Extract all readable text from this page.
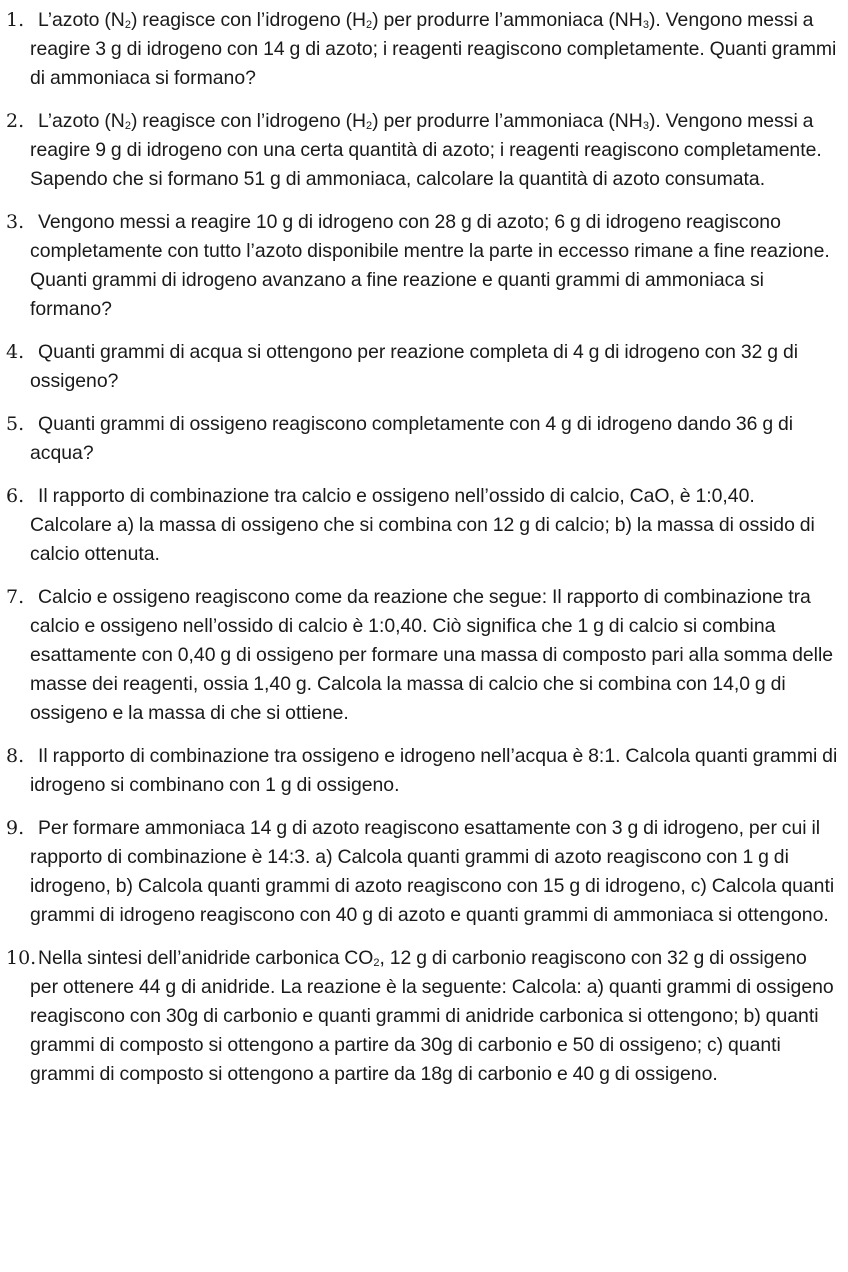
1. L’azoto $(N_2)$ reagisce con l’idrogeno $(H_2)$ per produrre l’ammoniaca $(NH_3)$. Vengono messi a reagire 3 g di idrogeno con 14 g di azoto; i reagenti reagiscono completamente. Quanti grammi di ammoniaca si formano?
2. L’azoto $(N_2)$ reagisce con l’idrogeno $(H_2)$ per produrre l’ammoniaca $(NH_3)$. Vengono messi a reagire 9 g di idrogeno con una certa quantità di azoto; i reagenti reagiscono completamente. Sapendo che si formano 51 g di ammoniaca, calcolare la quantità di azoto consumata.
3. Vengono messi a reagire 10 g di idrogeno con 28 g di azoto; 6 g di idrogeno reagiscono completamente con tutto l’azoto disponibile mentre la parte in eccesso rimane a fine reazione. Quanti grammi di idrogeno avanzano a fine reazione e quanti grammi di ammoniaca si formano?
4. Quanti grammi di acqua si ottengono per reazione completa di 4 g di idrogeno con 32 g di ossigeno?
5. Quanti grammi di ossigeno reagiscono completamente con 4 g di idrogeno dando 36 g di acqua?
6. Il rapporto di combinazione tra calcio e ossigeno nell’ossido di calcio, CaO, è 1:0,40. Calcolare a) la massa di ossigeno che si combina con 12 g di calcio; b) la massa di ossido di calcio ottenuta.
7. Calcio e ossigeno reagiscono come da reazione che segue: Il rapporto di combinazione tra calcio e ossigeno nell’ossido di calcio è 1:0,40. Ciò significa che 1 g di calcio si combina esattamente con 0,40 g di ossigeno per formare una massa di composto pari alla somma delle masse dei reagenti, ossia 1,40 g. Calcola la massa di calcio che si combina con 14,0 g di ossigeno e la massa di che si ottiene.
8. Il rapporto di combinazione tra ossigeno e idrogeno nell’acqua è 8:1. Calcola quanti grammi di idrogeno si combinano con 1 g di ossigeno.
9. Per formare ammoniaca 14 g di azoto reagiscono esattamente con 3 g di idrogeno, per cui il rapporto di combinazione è 14:3. a) Calcola quanti grammi di azoto reagiscono con 1 g di idrogeno, b) Calcola quanti grammi di azoto reagiscono con 15 g di idrogeno, c) Calcola quanti grammi di idrogeno reagiscono con 40 g di azoto e quanti grammi di ammoniaca si ottengono.
10. Nella sintesi dell’anidride carbonica $CO_2$, 12 g di carbonio reagiscono con 32 g di ossigeno per ottenere 44 g di anidride. La reazione è la seguente: Calcola: a) quanti grammi di ossigeno reagiscono con 30g di carbonio e quanti grammi di anidride carbonica si ottengono; b) quanti grammi di composto si ottengono a partire da 30g di carbonio e 50 di ossigeno; c) quanti grammi di composto si ottengono a partire da 18g di carbonio e 40 g di ossigeno.
